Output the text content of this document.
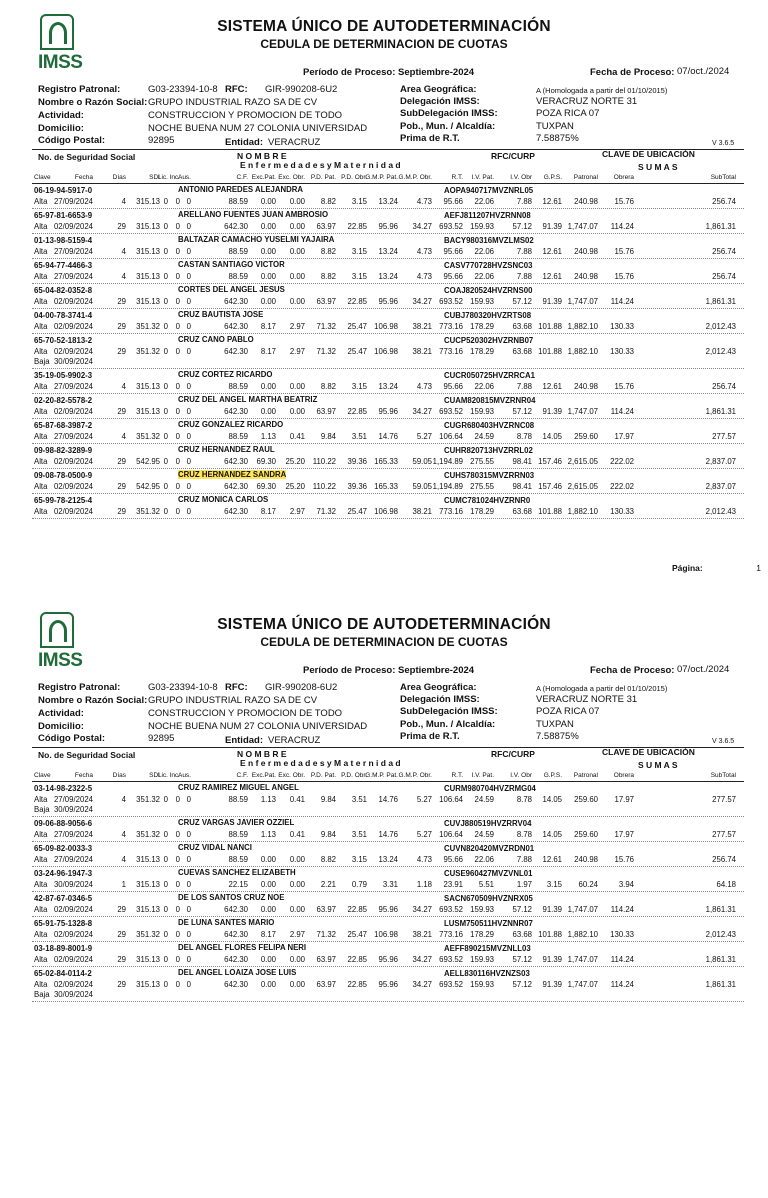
IMSS
SISTEMA ÚNICO DE AUTODETERMINACIÓN
CEDULA DE DETERMINACION DE CUOTAS
Período de Proceso: Septiembre-2024	Fecha de Proceso: 07/oct./2024
Registro Patronal:
Nombre o Razón Social:
Actividad:
Domicilio:
Código Postal:
G03-23394-10-8 RFC: GIR-990208-6U2
GRUPO INDUSTRIAL RAZO SA DE CV
CONSTRUCCION Y PROMOCION DE TODO
NOCHE BUENA NUM 27 COLONIA UNIVERSIDAD
92895	Entidad: VERACRUZ
Area Geográfica:
Delegación IMSS:
SubDelegación IMSS:
Pob., Mun. / Alcaldía:
Prima de R.T.
A (Homologada a partir del 01/10/2015)
VERACRUZ NORTE 31
POZA RICA 07
TUXPAN
7.58875%	V 3.6.5
No. de Seguridad Social	N O M B R E	RFC/CURP	CLAVE DE UBICACIÓN
E n f e r m e d a d e s y M a t e r n i d a d	S U M A S
Clave	Fecha	Días	SDI
Lic. Inc.
Aus.	C.F. Exc.Pat. Exc. Obr. P.D. Pat. P.D. Obr.
G.M.P. Pat. G.M.P. Obr.	R.T. I.V. Pat. I.V. Obr G.P.S. Patronal Obrera	SubTotal
06-19-94-5917-0	ANTONIO PAREDES ALEJANDRA	AOPA940717MVZNRL05
Alta 27/09/2024	4 315.13 0 0 0	88.59 0.00 0.00 8.82 3.15 13.24 4.73 95.66 22.06	7.88 12.61 240.98 15.76	256.74
65-97-81-6653-9	ARELLANO FUENTES JUAN AMBROSIO	AEFJ811207HVZRNN08
Alta 02/09/2024	29 315.13 0 0 0	642.30 0.00 0.00 63.97 22.85 95.96 34.27 693.52 159.93 57.12 91.39 1,747.07 114.24	1,861.31
01-13-98-5159-4	BALTAZAR CAMACHO YUSELMI YAJAIRA	BACY980316MVZLMS02
Alta 27/09/2024	4 315.13 0 0 0	88.59 0.00 0.00 8.82 3.15 13.24 4.73 95.66 22.06	7.88 12.61 240.98 15.76	256.74
65-94-77-4466-3	CASTAN SANTIAGO VICTOR	CASV770728HVZSNC03
Alta 27/09/2024	4 315.13 0 0 0	88.59 0.00 0.00 8.82 3.15 13.24 4.73 95.66 22.06	7.88 12.61 240.98 15.76	256.74
65-04-82-0352-8	CORTES DEL ANGEL JESUS	COAJ820524HVZRNS00
Alta 02/09/2024	29 315.13 0 0 0	642.30 0.00 0.00 63.97 22.85 95.96 34.27 693.52 159.93 57.12 91.39 1,747.07 114.24	1,861.31
04-00-78-3741-4	CRUZ BAUTISTA JOSE	CUBJ780320HVZRTS08
Alta 02/09/2024	29 351.32 0 0 0	642.30 8.17 2.97 71.32 25.47 106.98 38.21 773.16 178.29 63.68 101.88 1,882.10 130.33	2,012.43
65-70-52-1813-2	CRUZ CANO PABLO	CUCP520302HVZRNB07
Alta 02/09/2024	29 351.32 0 0 0	642.30 8.17 2.97 71.32 25.47 106.98 38.21 773.16 178.29 63.68 101.88 1,882.10 130.33	2,012.43
Baja 30/09/2024
35-19-05-9902-3	CRUZ CORTEZ RICARDO	CUCR050725HVZRRCA1
Alta 27/09/2024	4 315.13 0 0 0	88.59 0.00 0.00 8.82 3.15 13.24 4.73 95.66 22.06	7.88 12.61 240.98 15.76	256.74
02-20-82-5578-2	CRUZ DEL ANGEL MARTHA BEATRIZ	CUAM820815MVZRNR04
Alta 02/09/2024	29 315.13 0 0 0	642.30 0.00 0.00 63.97 22.85 95.96 34.27 693.52 159.93 57.12 91.39 1,747.07 114.24	1,861.31
65-87-68-3987-2	CRUZ GONZALEZ RICARDO	CUGR680403HVZRNC08
Alta 27/09/2024	4 351.32 0 0 0	88.59 1.13 0.41 9.84 3.51 14.76 5.27 106.64 24.59	8.78 14.05 259.60 17.97	277.57
09-98-82-3289-9	CRUZ HERNANDEZ RAUL	CUHR820713HVZRRL02
Alta 02/09/2024	29 542.95 0 0 0	642.30 69.30 25.20 110.22 39.36 165.33 59.05 1,194.89 275.55 98.41 157.46 2,615.05 222.02	2,837.07
09-08-78-0500-9	CRUZ HERNANDEZ SANDRA	CUHS780315MVZRRN03
Alta 02/09/2024	29 542.95 0 0 0	642.30 69.30 25.20 110.22 39.36 165.33 59.05 1,194.89 275.55 98.41 157.46 2,615.05 222.02	2,837.07
65-99-78-2125-4	CRUZ MONICA CARLOS	CUMC781024HVZRNR0
Alta 02/09/2024	29 351.32 0 0 0	642.30 8.17 2.97 71.32 25.47 106.98 38.21 773.16 178.29 63.68 101.88 1,882.10 130.33	2,012.43
Página:	1
IMSS
SISTEMA ÚNICO DE AUTODETERMINACIÓN
CEDULA DE DETERMINACION DE CUOTAS
Período de Proceso: Septiembre-2024	Fecha de Proceso: 07/oct./2024
Registro Patronal:
Nombre o Razón Social:
Actividad:
Domicilio:
Código Postal:
G03-23394-10-8 RFC: GIR-990208-6U2
GRUPO INDUSTRIAL RAZO SA DE CV
CONSTRUCCION Y PROMOCION DE TODO
NOCHE BUENA NUM 27 COLONIA UNIVERSIDAD
92895	Entidad: VERACRUZ
Area Geográfica:
Delegación IMSS:
SubDelegación IMSS:
Pob., Mun. / Alcaldía:
Prima de R.T.
A (Homologada a partir del 01/10/2015)
VERACRUZ NORTE 31
POZA RICA 07
TUXPAN
7.58875%	V 3.6.5
No. de Seguridad Social	N O M B R E	RFC/CURP	CLAVE DE UBICACIÓN
E n f e r m e d a d e s y M a t e r n i d a d	S U M A S
Clave	Fecha	Días	SDI
Lic. Inc.
Aus.	C.F. Exc.Pat. Exc. Obr. P.D. Pat. P.D. Obr.
G.M.P. Pat. G.M.P. Obr.	R.T. I.V. Pat. I.V. Obr G.P.S. Patronal Obrera	SubTotal
03-14-98-2322-5	CRUZ RAMIREZ MIGUEL ANGEL	CURM980704HVZRMG04
Alta 27/09/2024	4 351.32 0 0 0	88.59 1.13 0.41 9.84 3.51 14.76 5.27 106.64 24.59	8.78 14.05 259.60 17.97	277.57
Baja 30/09/2024
09-06-88-9056-6	CRUZ VARGAS JAVIER OZZIEL	CUVJ880519HVZRRV04
Alta 27/09/2024	4 351.32 0 0 0	88.59 1.13 0.41 9.84 3.51 14.76 5.27 106.64 24.59	8.78 14.05 259.60 17.97	277.57
65-09-82-0033-3	CRUZ VIDAL NANCI	CUVN820420MVZRDN01
Alta 27/09/2024	4 315.13 0 0 0	88.59 0.00 0.00 8.82 3.15 13.24 4.73 95.66 22.06	7.88 12.61 240.98 15.76	256.74
03-24-96-1947-3	CUEVAS SANCHEZ ELIZABETH	CUSE960427MVZVNL01
Alta 30/09/2024	1 315.13 0 0 0	22.15 0.00 0.00 2.21 0.79 3.31 1.18 23.91 5.51	1.97 3.15 60.24	3.94	64.18
42-87-67-0346-5	DE LOS SANTOS CRUZ NOE	SACN670509HVZNRX05
Alta 02/09/2024	29 315.13 0 0 0	642.30 0.00 0.00 63.97 22.85 95.96 34.27 693.52 159.93 57.12 91.39 1,747.07 114.24	1,861.31
65-91-75-1328-8	DE LUNA SANTES MARIO	LUSM750511HVZNNR07
Alta 02/09/2024	29 351.32 0 0 0	642.30 8.17 2.97 71.32 25.47 106.98 38.21 773.16 178.29 63.68 101.88 1,882.10 130.33	2,012.43
03-18-89-8001-9	DEL ANGEL FLORES FELIPA NERI	AEFF890215MVZNLL03
Alta 02/09/2024	29 315.13 0 0 0	642.30 0.00 0.00 63.97 22.85 95.96 34.27 693.52 159.93 57.12 91.39 1,747.07 114.24	1,861.31
65-02-84-0114-2	DEL ANGEL LOAIZA JOSE LUIS	AELL830116HVZNZS03
Alta 02/09/2024	29 315.13 0 0 0	642.30 0.00 0.00 63.97 22.85 95.96 34.27 693.52 159.93 57.12 91.39 1,747.07 114.24	1,861.31
Baja 30/09/2024
